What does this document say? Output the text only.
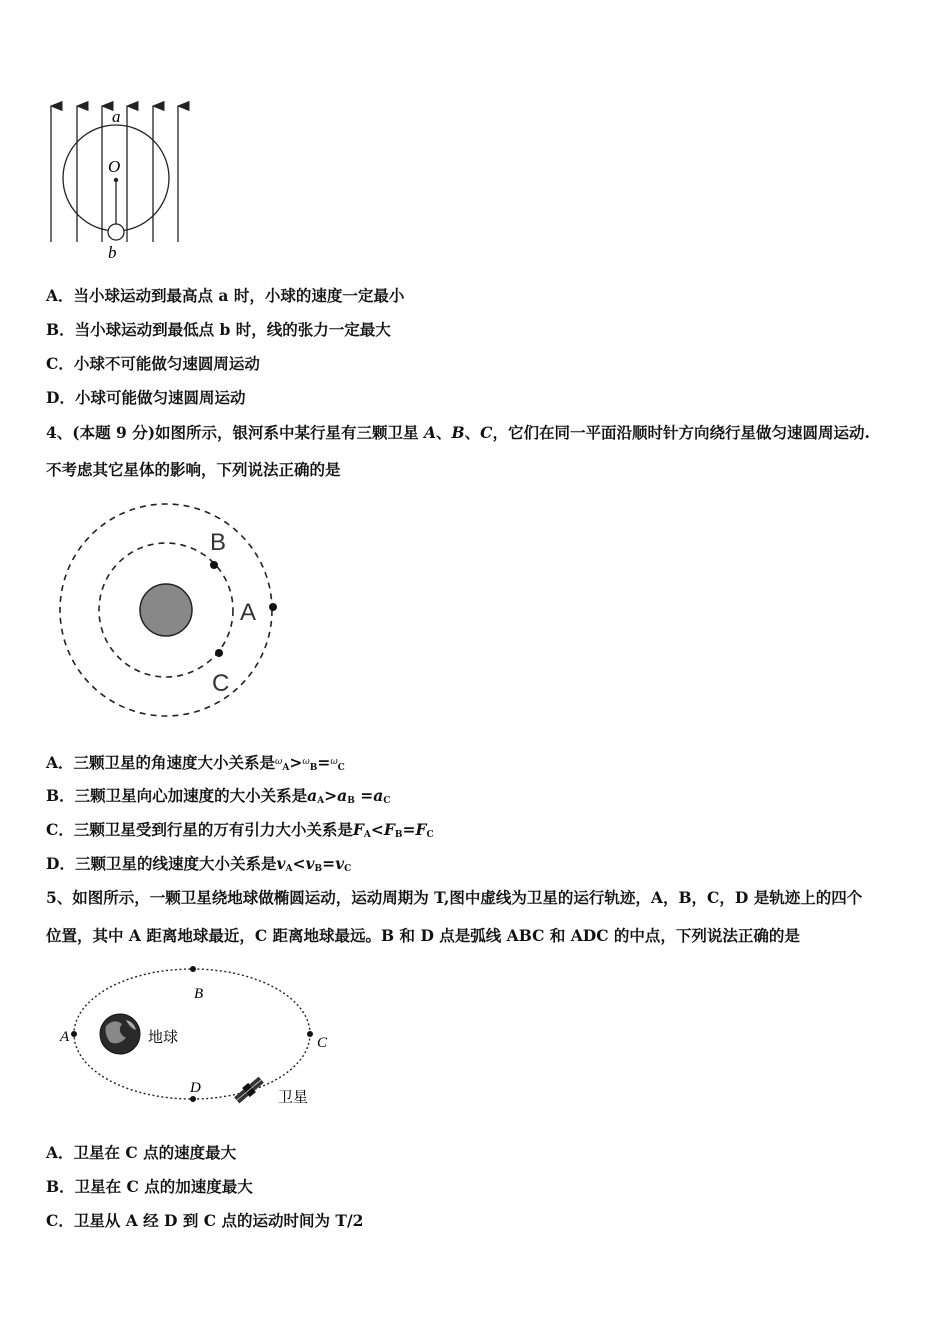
a
O
b
A．当小球运动到最高点 a 时，小球的速度一定最小
B．当小球运动到最低点 b 时，线的张力一定最大
C．小球不可能做匀速圆周运动
D．小球可能做匀速圆周运动
4、(本题 9 分)如图所示，银河系中某行星有三颗卫星 A、B、C，它们在同一平面沿顺时针方向绕行星做匀速圆周运动.
不考虑其它星体的影响，下列说法正确的是
B
A
C
A．三颗卫星的角速度大小关系是$^\omega_A$>$^\omega_B$=$^\omega_C$
B．三颗卫星向心加速度的大小关系是$a_A>a_B =a_C$
C．三颗卫星受到行星的万有引力大小关系是$F_A<F_B=F_C$
D．三颗卫星的线速度大小关系是$v_A<v_B=v_C$
5、如图所示，一颗卫星绕地球做椭圆运动，运动周期为 T,图中虚线为卫星的运行轨迹，A，B，C，D 是轨迹上的四个
位置，其中 A 距离地球最近，C 距离地球最远。B 和 D 点是弧线 ABC 和 ADC 的中点，下列说法正确的是
A
B
C
D
地球
卫星
A．卫星在 C 点的速度最大
B．卫星在 C 点的加速度最大
C．卫星从 A 经 D 到 C 点的运动时间为 T/2
